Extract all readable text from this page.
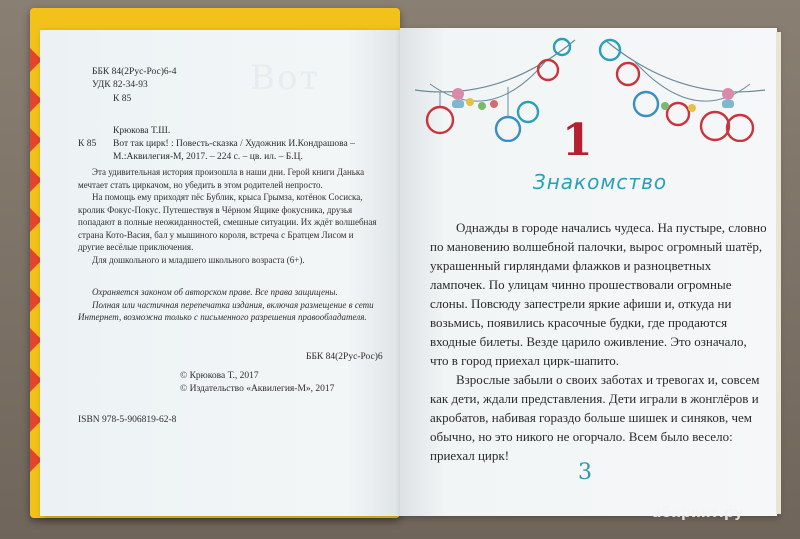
Вот
ББК 84(2Рус-Рос)6-4
УДК 82-34-93
К 85
Крюкова Т.Ш.
К 85 Вот так цирк! : Повесть-сказка / Художник И.Кондрашова –
М.:Аквилегия-М, 2017. – 224 с. – цв. ил. – Б.Ц.

Эта удивительная история произошла в наши дни. Герой книги Данька мечтает стать циркачом, но убедить в этом родителей непросто.

На помощь ему приходят пёс Бублик, крыса Грымза, котёнок Сосиска, кролик Фокус-Покус. Путешествуя в Чёрном Ящике фокусника, друзья попадают в полные неожиданностей, смешные ситуации. Их ждёт волшебная страна Кото-Васия, бал у мышиного короля, встреча с Братцем Лисом и другие весёлые приключения.

Для дошкольного и младшего школьного возраста (6+).

Охраняется законом об авторском праве. Все права защищены.

Полная или частичная перепечатка издания, включая размещение в сети Интернет, возможна только с письменного разрешения правообладателя.

ББК 84(2Рус-Рос)6
© Крюкова Т., 2017
© Издательство «Аквилегия-М», 2017
ISBN 978-5-906819-62-8
1
Знакомство

Однажды в городе начались чудеса. На пустыре, словно по мановению волшебной палочки, вырос огромный шатёр, украшенный гирляндами флажков и разноцветных лампочек. По улицам чинно прошествовали огромные слоны. Повсюду запестрели яркие афиши и, откуда ни возьмись, появились красочные будки, где продаются входные билеты. Везде царило оживление. Это означало, что в город приехал цирк-шапито.

Взрослые забыли о своих заботах и тревогах и, совсем как дети, ждали представления. Дети играли в жонглёров и акробатов, набивая гораздо больше шишек и синяков, чем обычно, но это никого не огорчало. Всем было весело: приехал цирк!

3
абиринт.ру
